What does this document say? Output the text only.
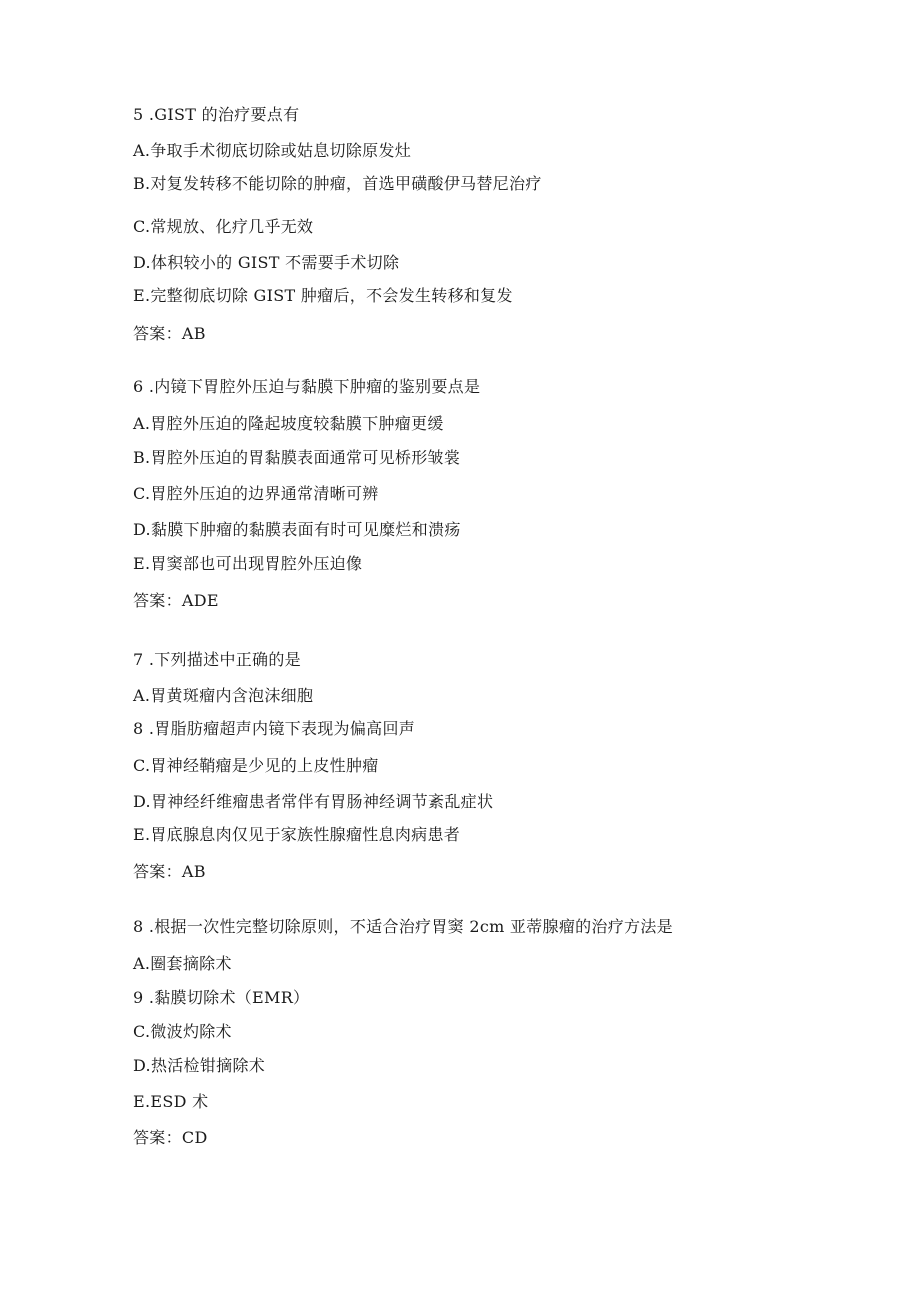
5 .GIST 的治疗要点有
A.争取手术彻底切除或姑息切除原发灶
B.对复发转移不能切除的肿瘤，首选甲磺酸伊马替尼治疗
C.常规放、化疗几乎无效
D.体积较小的 GIST 不需要手术切除
E.完整彻底切除 GIST 肿瘤后，不会发生转移和复发
答案：AB
6 .内镜下胃腔外压迫与黏膜下肿瘤的鉴别要点是
A.胃腔外压迫的隆起坡度较黏膜下肿瘤更缓
B.胃腔外压迫的胃黏膜表面通常可见桥形皱裳
C.胃腔外压迫的边界通常清晰可辨
D.黏膜下肿瘤的黏膜表面有时可见糜烂和溃疡
E.胃窦部也可出现胃腔外压迫像
答案：ADE
7 .下列描述中正确的是
A.胃黄斑瘤内含泡沫细胞
8 .胃脂肪瘤超声内镜下表现为偏高回声
C.胃神经鞘瘤是少见的上皮性肿瘤
D.胃神经纤维瘤患者常伴有胃肠神经调节紊乱症状
E.胃底腺息肉仅见于家族性腺瘤性息肉病患者
答案：AB
8 .根据一次性完整切除原则，不适合治疗胃窦 2cm 亚蒂腺瘤的治疗方法是
A.圈套摘除术
9 .黏膜切除术（EMR）
C.微波灼除术
D.热活检钳摘除术
E.ESD 术
答案：CD
